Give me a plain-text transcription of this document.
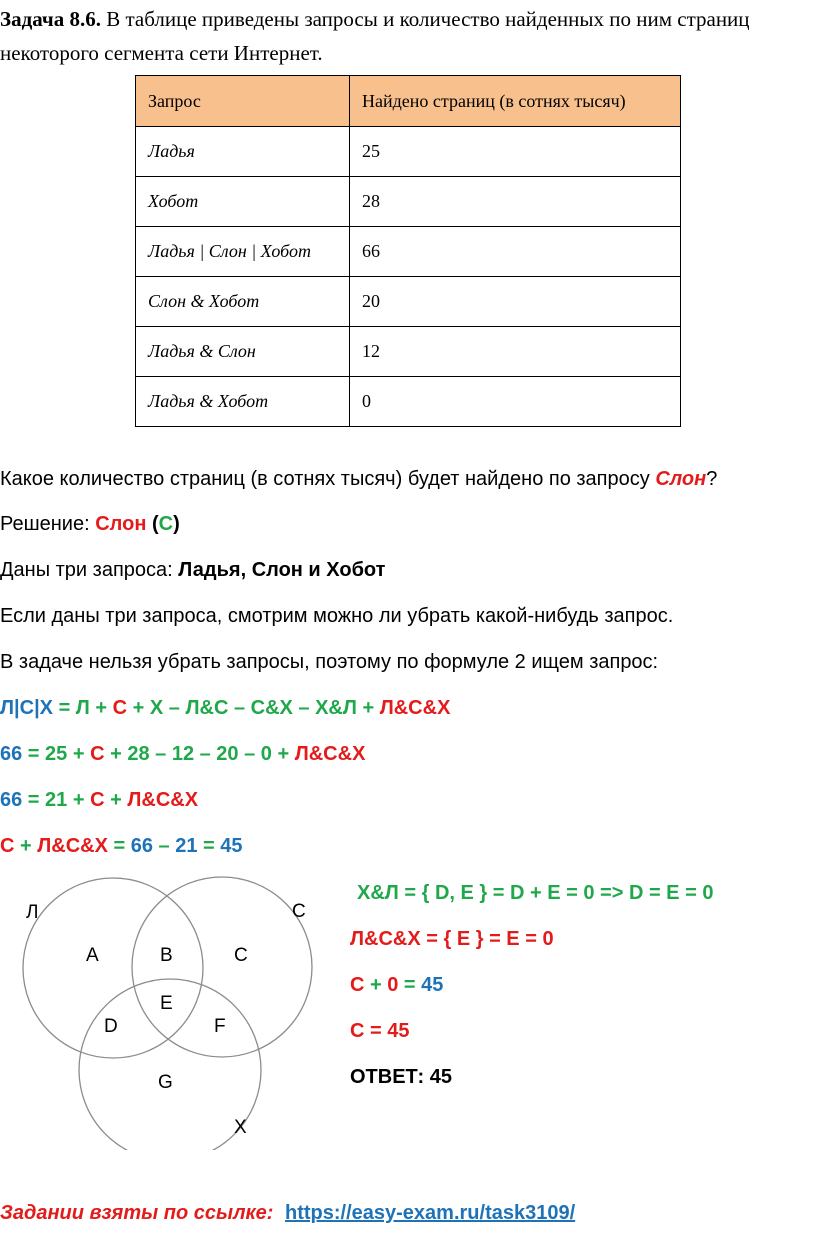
Задача 8.6. В таблице приведены запросы и количество найденных по ним страниц некоторого сегмента сети Интернет.
Запрос	Найдено страниц (в сотнях тысяч)
Ладья	25
Хобот	28
Ладья | Слон | Хобот	66
Слон & Хобот	20
Ладья & Слон	12
Ладья & Хобот	0
Какое количество страниц (в сотнях тысяч) будет найдено по запросу Слон?
Решение: Слон (С)
Даны три запроса: Ладья, Слон и Хобот
Если даны три запроса, смотрим можно ли убрать какой-нибудь запрос.
В задаче нельзя убрать запросы, поэтому по формуле 2 ищем запрос:
Л|С|Х = Л + С + Х – Л&С – С&Х – Х&Л + Л&С&Х
66 = 25 + С + 28 – 12 – 20 – 0 + Л&С&Х
66 = 21 + С + Л&С&Х
С + Л&С&Х = 66 – 21 = 45
Л	С
Х
A	B	C
D
E
F
G
Х&Л = { D, E } = D + E = 0 => D = E = 0
Л&С&Х = { E } = E = 0
С + 0 = 45
С = 45
ОТВЕТ: 45
Задании взяты по ссылке: https://easy-exam.ru/task3109/
